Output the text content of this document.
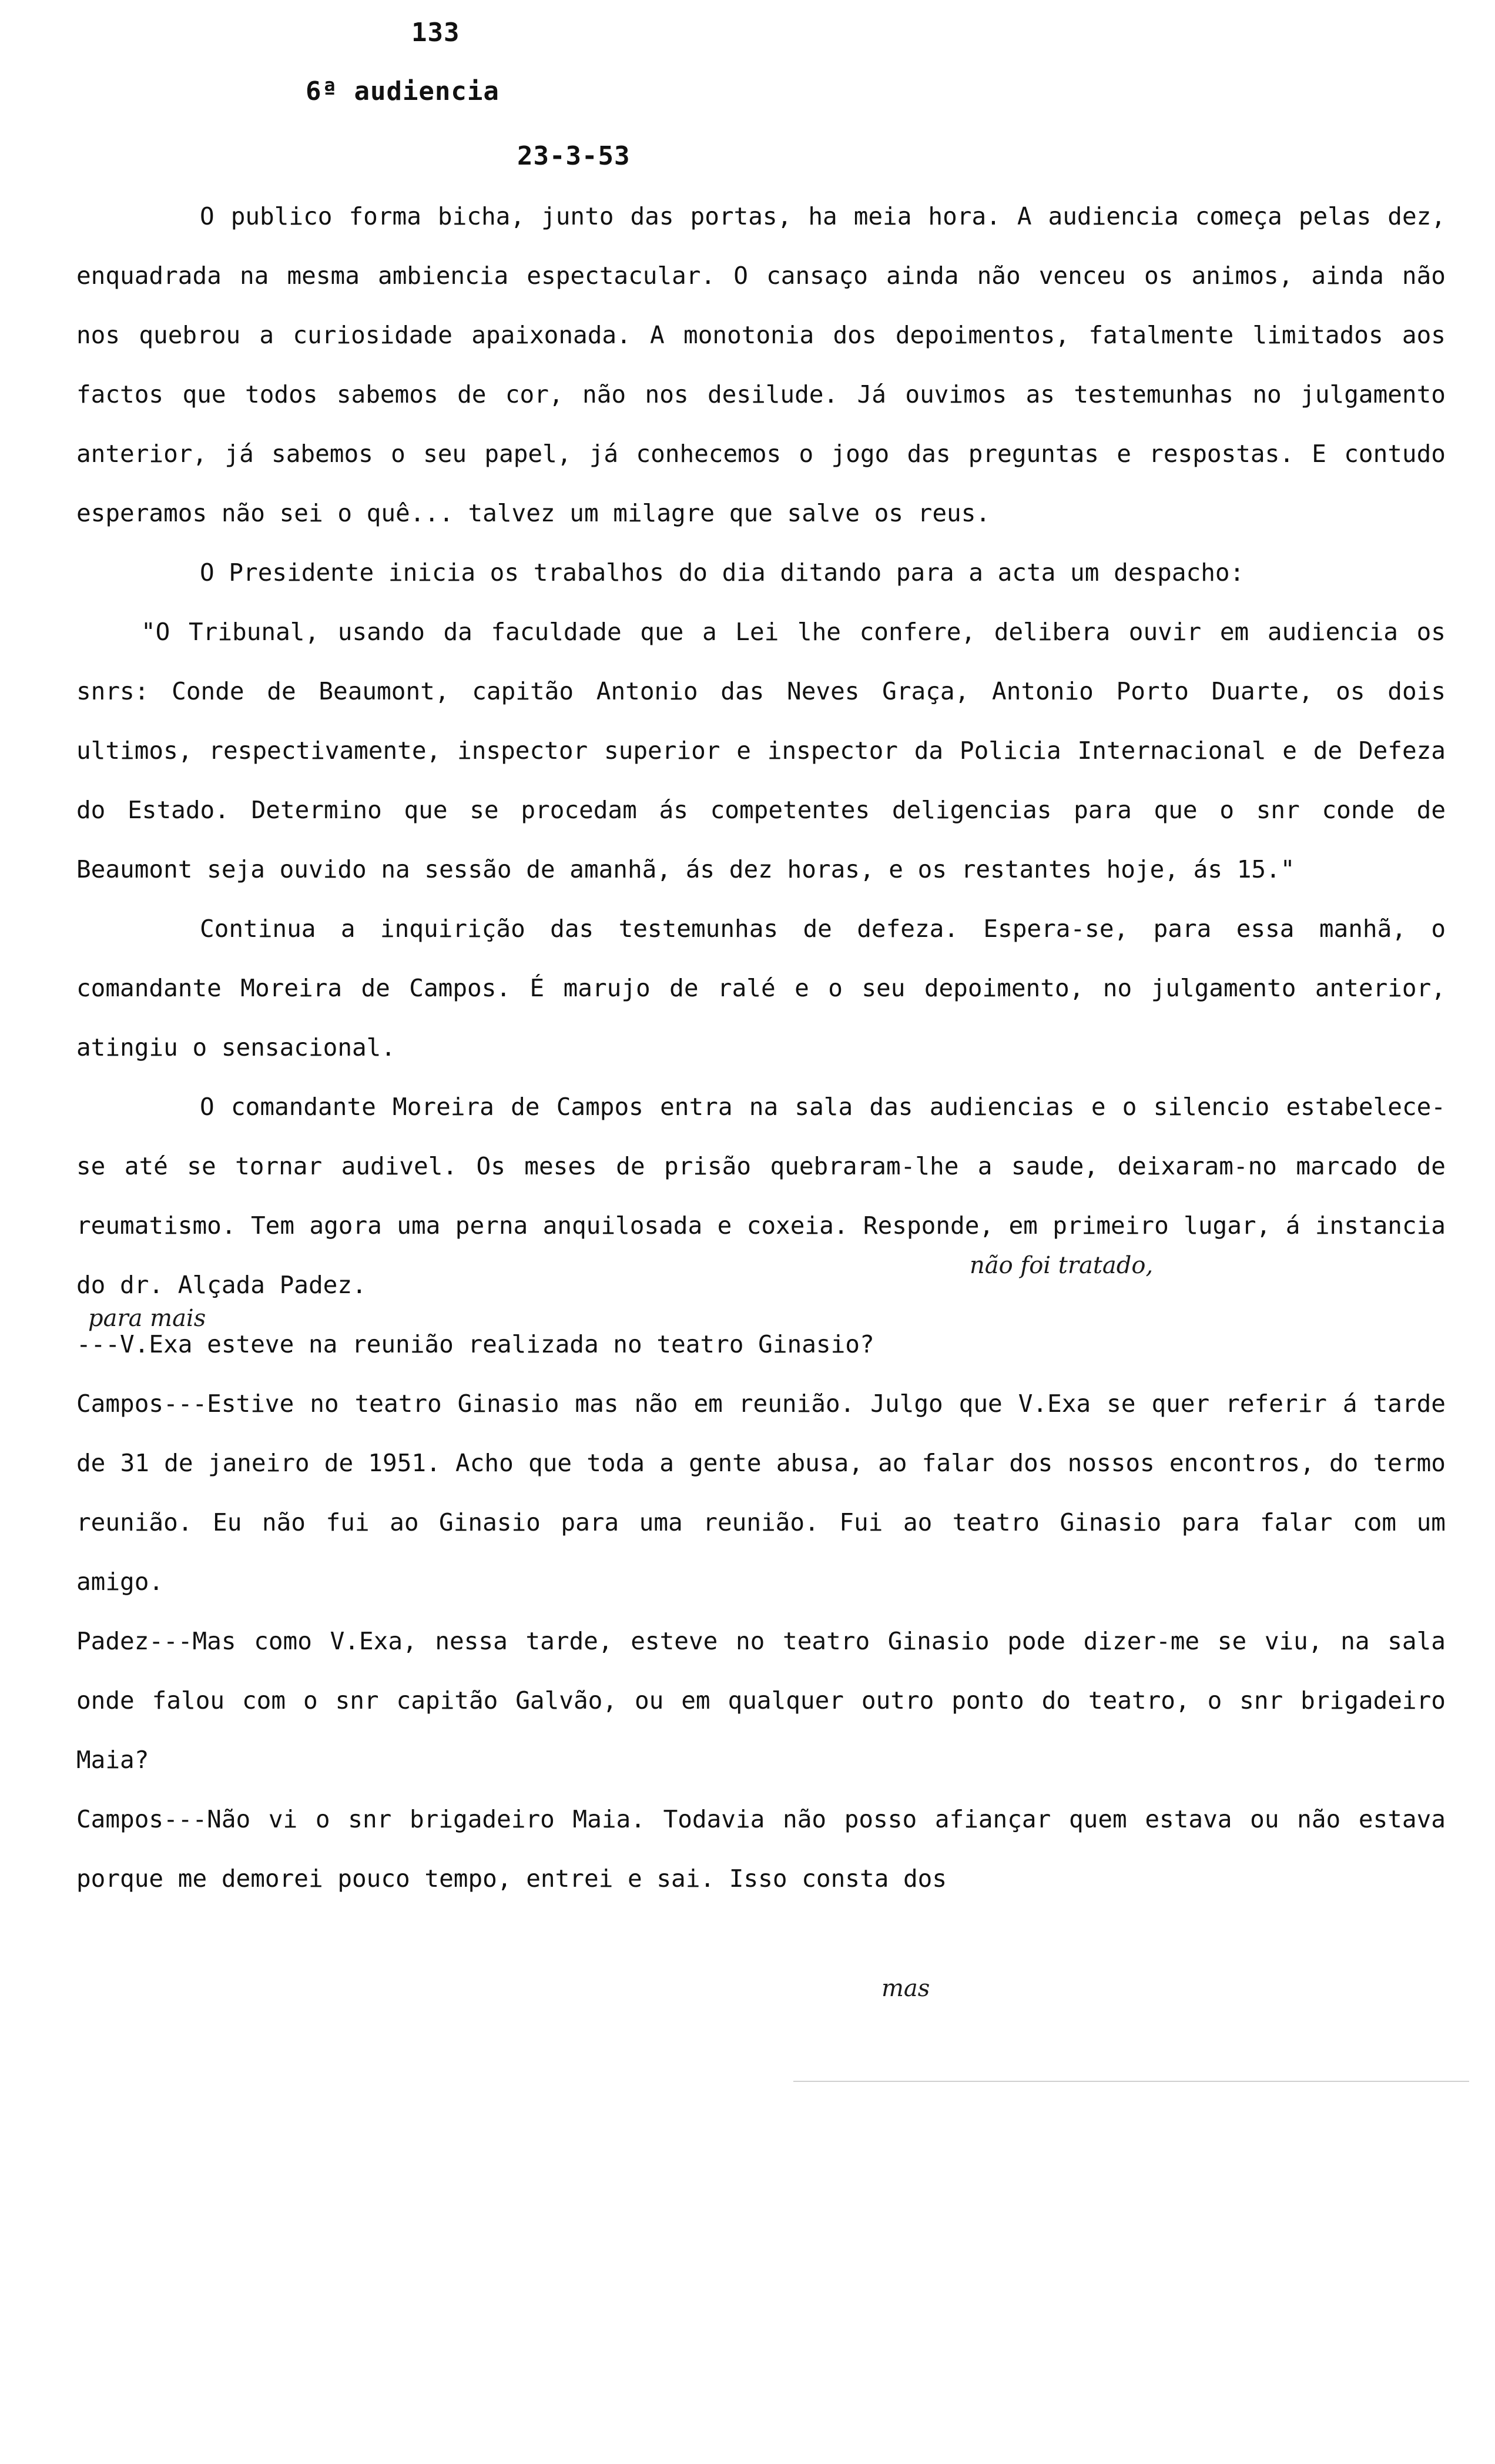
133
6ª audiencia
23-3-53

O publico forma bicha, junto das portas, ha meia hora. A audiencia começa pelas dez, enquadrada na mesma ambiencia espectacular. O cansaço ainda não venceu os animos, ainda não nos quebrou a curiosidade apaixonada. A monotonia dos depoimentos, fatalmente limitados aos factos que todos sabemos de cor, não nos desilude. Já ouvimos as testemunhas no julgamento anterior, já sabemos o seu papel, já conhecemos o jogo das preguntas e respostas. E contudo esperamos não sei o quê... talvez um milagre que salve os reus.

O Presidente inicia os trabalhos do dia ditando para a acta um despacho:

"O Tribunal, usando da faculdade que a Lei lhe confere, delibera ouvir em audiencia os snrs: Conde de Beaumont, capitão Antonio das Neves Graça, Antonio Porto Duarte, os dois ultimos, respectivamente, inspector superior e inspector da Policia Internacional e de Defeza do Estado. Determino que se procedam ás competentes deligencias para que o snr conde de Beaumont seja ouvido na sessão de amanhã, ás dez horas, e os restantes hoje, ás 15."

Continua a inquirição das testemunhas de defeza. Espera-se, para essa manhã, o comandante Moreira de Campos. É marujo de ralé e o seu depoimento, no julgamento anterior, atingiu o sensacional.

O comandante Moreira de Campos entra na sala das audiencias e o silencio estabelece-se até se tornar audivel. Os meses de prisão quebraram-lhe a saude, deixaram-no marcado de reumatismo. Tem agora uma perna anquilosada e coxeia. Responde, em primeiro lugar, á instancia do dr. Alçada Padez.

---V.Exa esteve na reunião realizada no teatro Ginasio?

Campos---Estive no teatro Ginasio mas não em reunião. Julgo que V.Exa se quer referir á tarde de 31 de janeiro de 1951. Acho que toda a gente abusa, ao falar dos nossos encontros, do termo reunião. Eu não fui ao Ginasio para uma reunião. Fui ao teatro Ginasio para falar com um amigo.

Padez---Mas como V.Exa, nessa tarde, esteve no teatro Ginasio pode dizer-me se viu, na sala onde falou com o snr capitão Galvão, ou em qualquer outro ponto do teatro, o snr brigadeiro Maia?

Campos---Não vi o snr brigadeiro Maia. Todavia não posso afiançar quem estava ou não estava porque me demorei pouco tempo, entrei e sai. Isso consta dos

não foi tratado,
para mais
mas
